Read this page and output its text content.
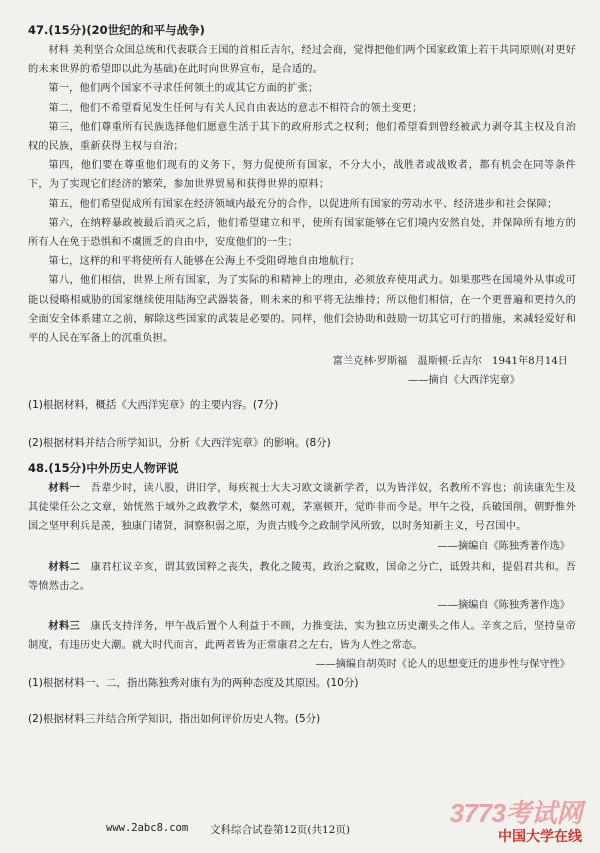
47.(15分)(20世纪的和平与战争)

材料 美利坚合众国总统和代表联合王国的首相丘吉尔，经过会商，觉得把他们两个国家政策上若干共同原则(对更好的未来世界的希望即以此为基础)在此时向世界宣布，是合适的。

第一，他们两个国家不寻求任何领土的或其它方面的扩张；

第二，他们不希望看见发生任何与有关人民自由表达的意志不相符合的领土变更；

第三，他们尊重所有民族选择他们愿意生活于其下的政府形式之权利；他们希望看到曾经被武力剥夺其主权及自治权的民族，重新获得主权与自治；

第四，他们要在尊重他们现有的义务下，努力促使所有国家，不分大小，战胜者或战败者，都有机会在同等条件下，为了实现它们经济的繁荣，参加世界贸易和获得世界的原料；

第五，他们希望促成所有国家在经济领域内最充分的合作，以促进所有国家的劳动水平、经济进步和社会保障；

第六，在纳粹暴政被最后消灭之后，他们希望建立和平，使所有国家能够在它们境内安然自处，并保障所有地方的所有人在免于恐惧和不虞匮乏的自由中，安度他们的一生；

第七，这样的和平将使所有人能够在公海上不受阻碍地自由地航行；

第八，他们相信，世界上所有国家，为了实际的和精神上的理由，必须放弃使用武力。如果那些在国境外从事或可能以侵略相威胁的国家继续使用陆海空武器装备，则未来的和平将无法维持；所以他们相信，在一个更普遍和更持久的全面安全体系建立之前，解除这些国家的武装是必要的。同样，他们会协助和鼓励一切其它可行的措施，来减轻爱好和平的人民在军备上的沉重负担。

富兰克林·罗斯福　温斯顿·丘吉尔　1941年8月14日

——摘自《大西洋宪章》

(1)根据材料，概括《大西洋宪章》的主要内容。(7分)

(2)根据材料并结合所学知识，分析《大西洋宪章》的影响。(8分)

48.(15分)中外历史人物评说

材料一　 吾辈少时，读八股，讲旧学，每疾视士大夫习欧文谈新学者，以为皆洋奴，名教所不容也；前读康先生及其徒梁任公之文章，始恍然于域外之政教学术，粲然可观，茅塞顿开，觉昨非而今是。甲午之役，兵破国削，朝野惟外国之坚甲利兵是羡，独康门诸贤，洞察积弱之原，为贵古贱今之政制学风所致，以时务知新主义，号召国中。

——摘编自《陈独秀著作选》

材料二　 康君杠议辛亥，谓其致国粹之丧失，教化之陵夷，政治之窳败，国命之分亡，诋毁共和，提倡君共和。吾等愤然击之。

——摘编自《陈独秀著作选》

材料三　 康氏支持洋务，甲午战后置个人利益于不顾，力推变法，实为独立历史潮头之伟人。辛亥之后，坚持皇帝制度，有违历史大潮。就大时代而言，此两者皆为正常康君之左右，皆为人性之常态。

——摘编自胡英时《论人的思想变迁的进步性与保守性》

(1)根据材料一、二，指出陈独秀对康有为的两种态度及其原因。(10分)

(2)根据材料三并结合所学知识，指出如何评价历史人物。(5分)

www.2abc8.com 文科综合试卷第12页(共12页)
3773考试网
中国大学在线
